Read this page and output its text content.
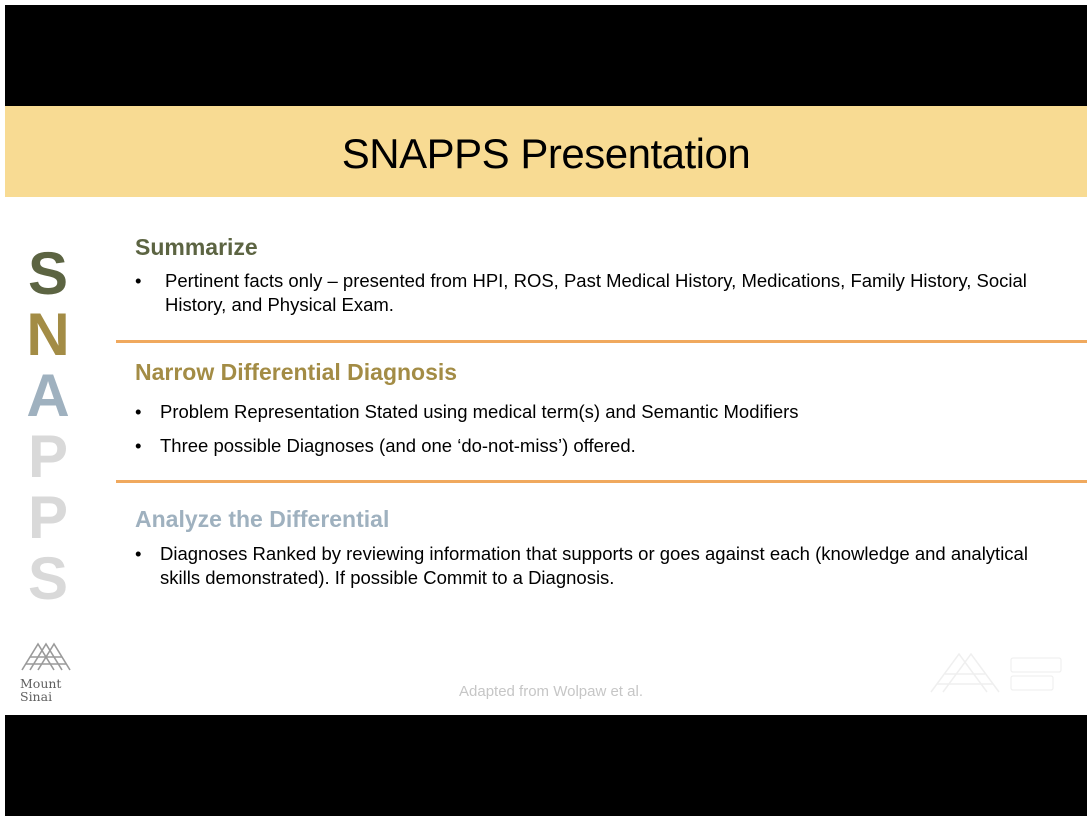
SNAPPS Presentation
S
N
A
P
P
S
Summarize
•	Pertinent facts only – presented from HPI, ROS, Past Medical History, Medications, Family History, Social History, and Physical Exam.
Narrow Differential Diagnosis
•	Problem Representation Stated using medical term(s) and Semantic Modifiers
•	Three possible Diagnoses (and one ‘do-not-miss’) offered.
Analyze the Differential
•	Diagnoses Ranked by reviewing information that supports or goes against each (knowledge and analytical skills demonstrated). If possible Commit to a Diagnosis.
Mount
Sinai	Adapted from Wolpaw et al.
